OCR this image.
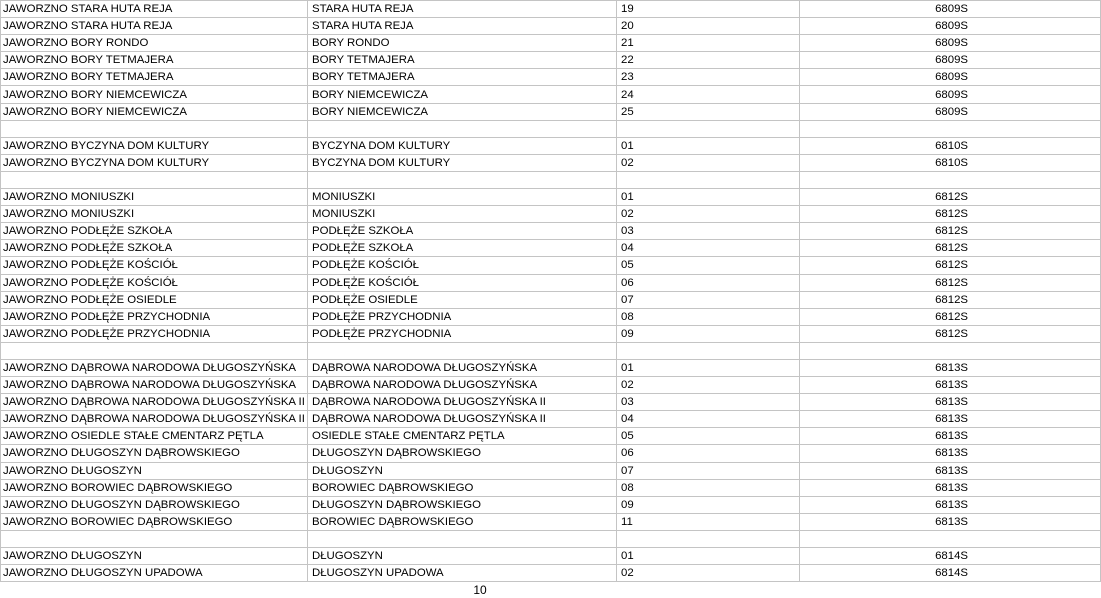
JAWORZNO STARA HUTA REJA	STARA HUTA REJA	19	6809S
JAWORZNO STARA HUTA REJA	STARA HUTA REJA	20	6809S
JAWORZNO BORY RONDO	BORY RONDO	21	6809S
JAWORZNO BORY TETMAJERA	BORY TETMAJERA	22	6809S
JAWORZNO BORY TETMAJERA	BORY TETMAJERA	23	6809S
JAWORZNO BORY NIEMCEWICZA	BORY NIEMCEWICZA	24	6809S
JAWORZNO BORY NIEMCEWICZA	BORY NIEMCEWICZA	25	6809S

JAWORZNO BYCZYNA DOM KULTURY	BYCZYNA DOM KULTURY	01	6810S
JAWORZNO BYCZYNA DOM KULTURY	BYCZYNA DOM KULTURY	02	6810S

JAWORZNO MONIUSZKI	MONIUSZKI	01	6812S
JAWORZNO MONIUSZKI	MONIUSZKI	02	6812S
JAWORZNO PODŁĘŻE SZKOŁA	PODŁĘŻE SZKOŁA	03	6812S
JAWORZNO PODŁĘŻE SZKOŁA	PODŁĘŻE SZKOŁA	04	6812S
JAWORZNO PODŁĘŻE KOŚCIÓŁ	PODŁĘŻE KOŚCIÓŁ	05	6812S
JAWORZNO PODŁĘŻE KOŚCIÓŁ	PODŁĘŻE KOŚCIÓŁ	06	6812S
JAWORZNO PODŁĘŻE OSIEDLE	PODŁĘŻE OSIEDLE	07	6812S
JAWORZNO PODŁĘŻE PRZYCHODNIA	PODŁĘŻE PRZYCHODNIA	08	6812S
JAWORZNO PODŁĘŻE PRZYCHODNIA	PODŁĘŻE PRZYCHODNIA	09	6812S

JAWORZNO DĄBROWA NARODOWA DŁUGOSZYŃSKA	DĄBROWA NARODOWA DŁUGOSZYŃSKA	01	6813S
JAWORZNO DĄBROWA NARODOWA DŁUGOSZYŃSKA	DĄBROWA NARODOWA DŁUGOSZYŃSKA	02	6813S
JAWORZNO DĄBROWA NARODOWA DŁUGOSZYŃSKA II	DĄBROWA NARODOWA DŁUGOSZYŃSKA II	03	6813S
JAWORZNO DĄBROWA NARODOWA DŁUGOSZYŃSKA II	DĄBROWA NARODOWA DŁUGOSZYŃSKA II	04	6813S
JAWORZNO OSIEDLE STAŁE CMENTARZ PĘTLA	OSIEDLE STAŁE CMENTARZ PĘTLA	05	6813S
JAWORZNO DŁUGOSZYN DĄBROWSKIEGO	DŁUGOSZYN DĄBROWSKIEGO	06	6813S
JAWORZNO DŁUGOSZYN	DŁUGOSZYN	07	6813S
JAWORZNO BOROWIEC DĄBROWSKIEGO	BOROWIEC DĄBROWSKIEGO	08	6813S
JAWORZNO DŁUGOSZYN DĄBROWSKIEGO	DŁUGOSZYN DĄBROWSKIEGO	09	6813S
JAWORZNO BOROWIEC DĄBROWSKIEGO	BOROWIEC DĄBROWSKIEGO	11	6813S

JAWORZNO DŁUGOSZYN	DŁUGOSZYN	01	6814S
JAWORZNO DŁUGOSZYN UPADOWA	DŁUGOSZYN UPADOWA	02	6814S
10
